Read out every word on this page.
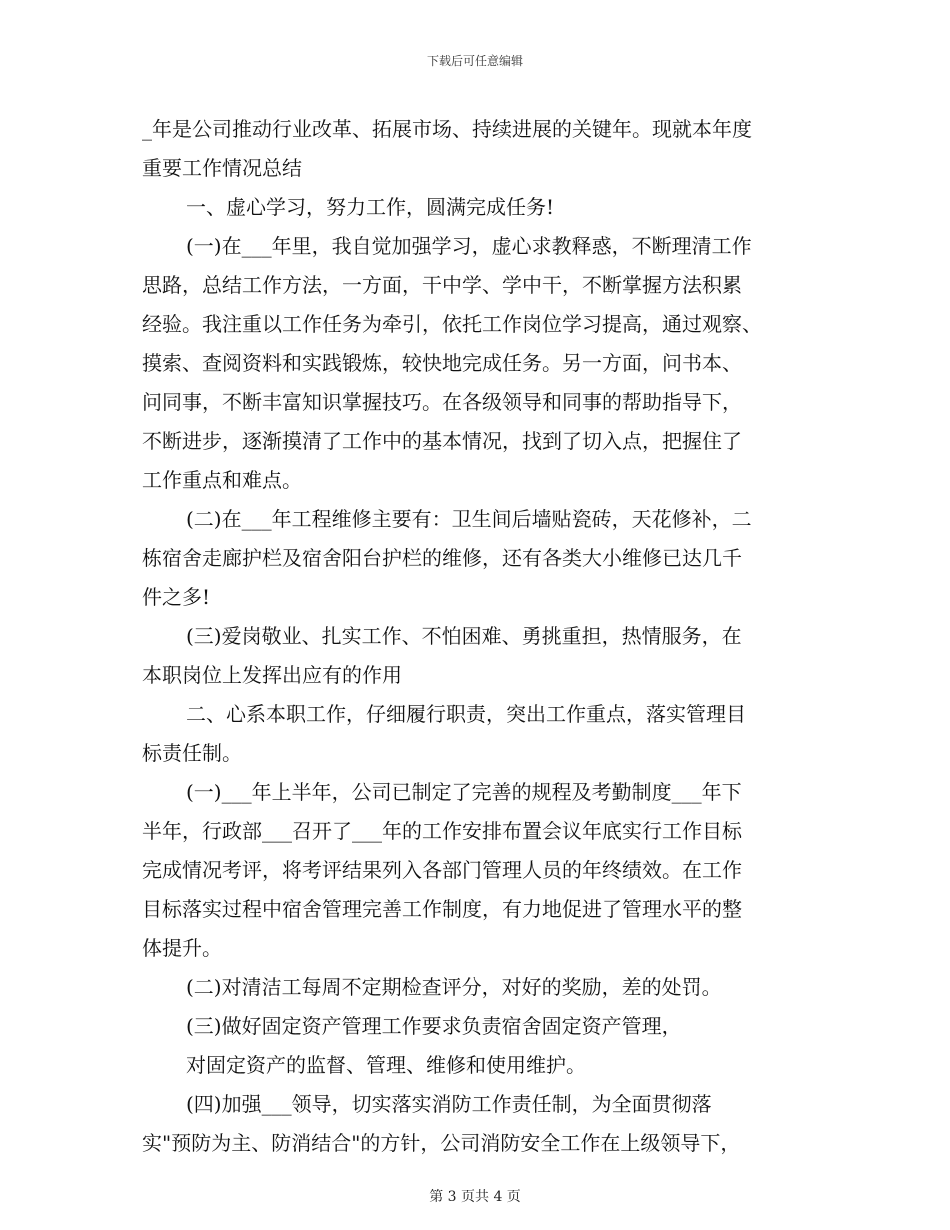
下载后可任意编辑
_年是公司推动行业改革、拓展市场、持续进展的关键年。现就本年度
重要工作情况总结
一、虚心学习，努力工作，圆满完成任务!
(一)在___年里，我自觉加强学习，虚心求教释惑，不断理清工作
思路，总结工作方法，一方面，干中学、学中干，不断掌握方法积累
经验。我注重以工作任务为牵引，依托工作岗位学习提高，通过观察、
摸索、查阅资料和实践锻炼，较快地完成任务。另一方面，问书本、
问同事，不断丰富知识掌握技巧。在各级领导和同事的帮助指导下，
不断进步，逐渐摸清了工作中的基本情况，找到了切入点，把握住了
工作重点和难点。
(二)在___年工程维修主要有：卫生间后墙贴瓷砖，天花修补，二
栋宿舍走廊护栏及宿舍阳台护栏的维修，还有各类大小维修已达几千
件之多!
(三)爱岗敬业、扎实工作、不怕困难、勇挑重担，热情服务，在
本职岗位上发挥出应有的作用
二、心系本职工作，仔细履行职责，突出工作重点，落实管理目
标责任制。
(一)___年上半年，公司已制定了完善的规程及考勤制度___年下
半年，行政部___召开了___年的工作安排布置会议年底实行工作目标
完成情况考评，将考评结果列入各部门管理人员的年终绩效。在工作
目标落实过程中宿舍管理完善工作制度，有力地促进了管理水平的整
体提升。
(二)对清洁工每周不定期检查评分，对好的奖励，差的处罚。
(三)做好固定资产管理工作要求负责宿舍固定资产管理，
对固定资产的监督、管理、维修和使用维护。
(四)加强___领导，切实落实消防工作责任制，为全面贯彻落
实"预防为主、防消结合"的方针，公司消防安全工作在上级领导下，
第 3 页共 4 页
